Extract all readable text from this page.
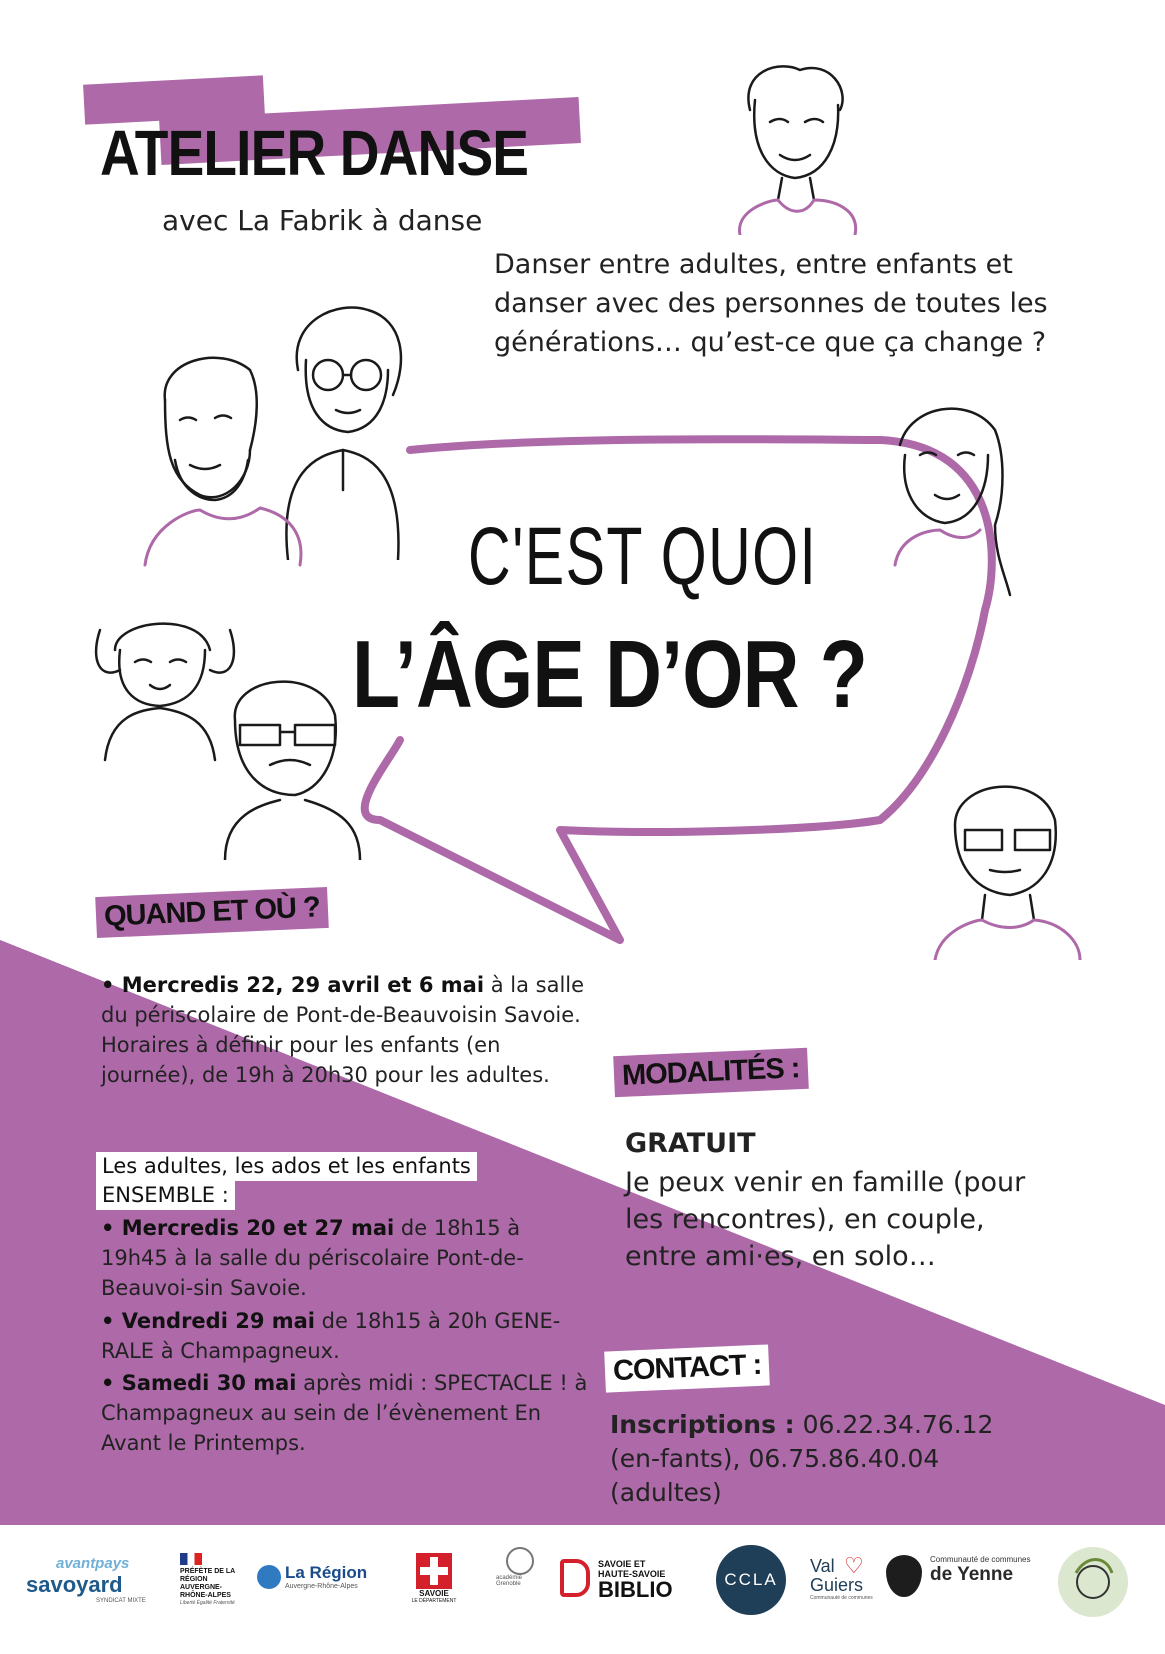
ATELIER DANSE
avec La Fabrik à danse
Danser entre adultes, entre enfants et danser avec des personnes de toutes les générations… qu’est-ce que ça change ?
C'EST QUOI
L’ÂGE D’OR ?
QUAND ET OÙ ?
• Mercredis 22, 29 avril et 6 mai à la salle du périscolaire de Pont-de-Beauvoisin Savoie. Horaires à définir pour les enfants (en journée), de 19h à 20h30 pour les adultes.
Les adultes, les ados et les enfants
ENSEMBLE :
• Mercredis 20 et 27 mai de 18h15 à 19h45 à la salle du périscolaire Pont-de-Beauvoi-sin Savoie.
• Vendredi 29 mai de 18h15 à 20h GENE-RALE à Champagneux.
• Samedi 30 mai après midi : SPECTACLE ! à Champagneux au sein de l’évènement En Avant le Printemps.
MODALITÉS :
GRATUIT
Je peux venir en famille (pour les rencontres), en couple, entre ami·es, en solo…
CONTACT :
Inscriptions : 06.22.34.76.12 (en-fants), 06.75.86.40.04 (adultes)
avantpays
savoyard
SYNDICAT MIXTE
PRÉFÈTE DE LA RÉGION AUVERGNE-RHÔNE-ALPES
Liberté Égalité Fraternité
La Région
Auvergne-Rhône-Alpes
SAVOIE
LE DÉPARTEMENT
académie Grenoble
SAVOIE ET HAUTE-SAVOIE
BIBLIO	CCLA
Val
Guiers
Communauté de communes
♡	Communauté de communes
de Yenne
